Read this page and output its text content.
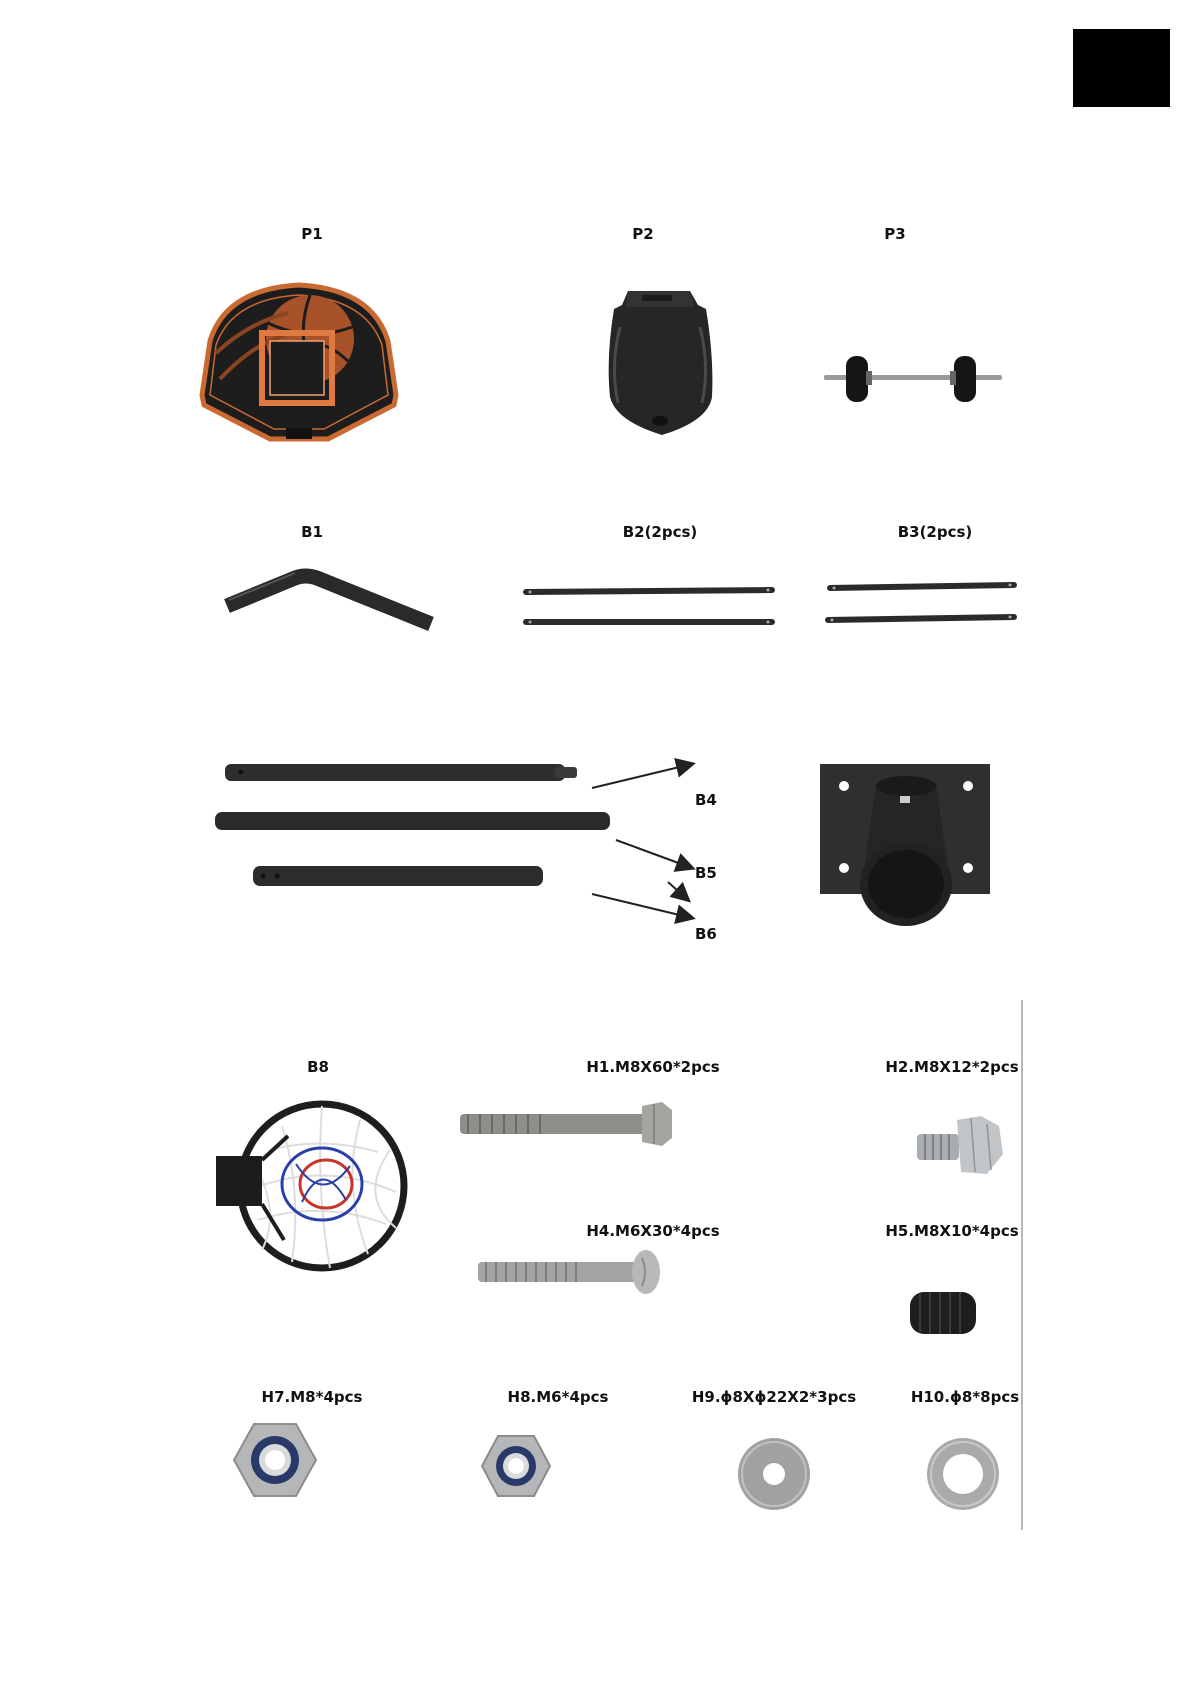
P1	P2	P3
B1	B2(2pcs)	B3(2pcs)
B4
B5
B6
B8	H1.M8X60*2pcs	H2.M8X12*2pcs
H4.M6X30*4pcs	H5.M8X10*4pcs
H7.M8*4pcs	H8.M6*4pcs	H9.ϕ8Xϕ22X2*3pcs	H10.ϕ8*8pcs
